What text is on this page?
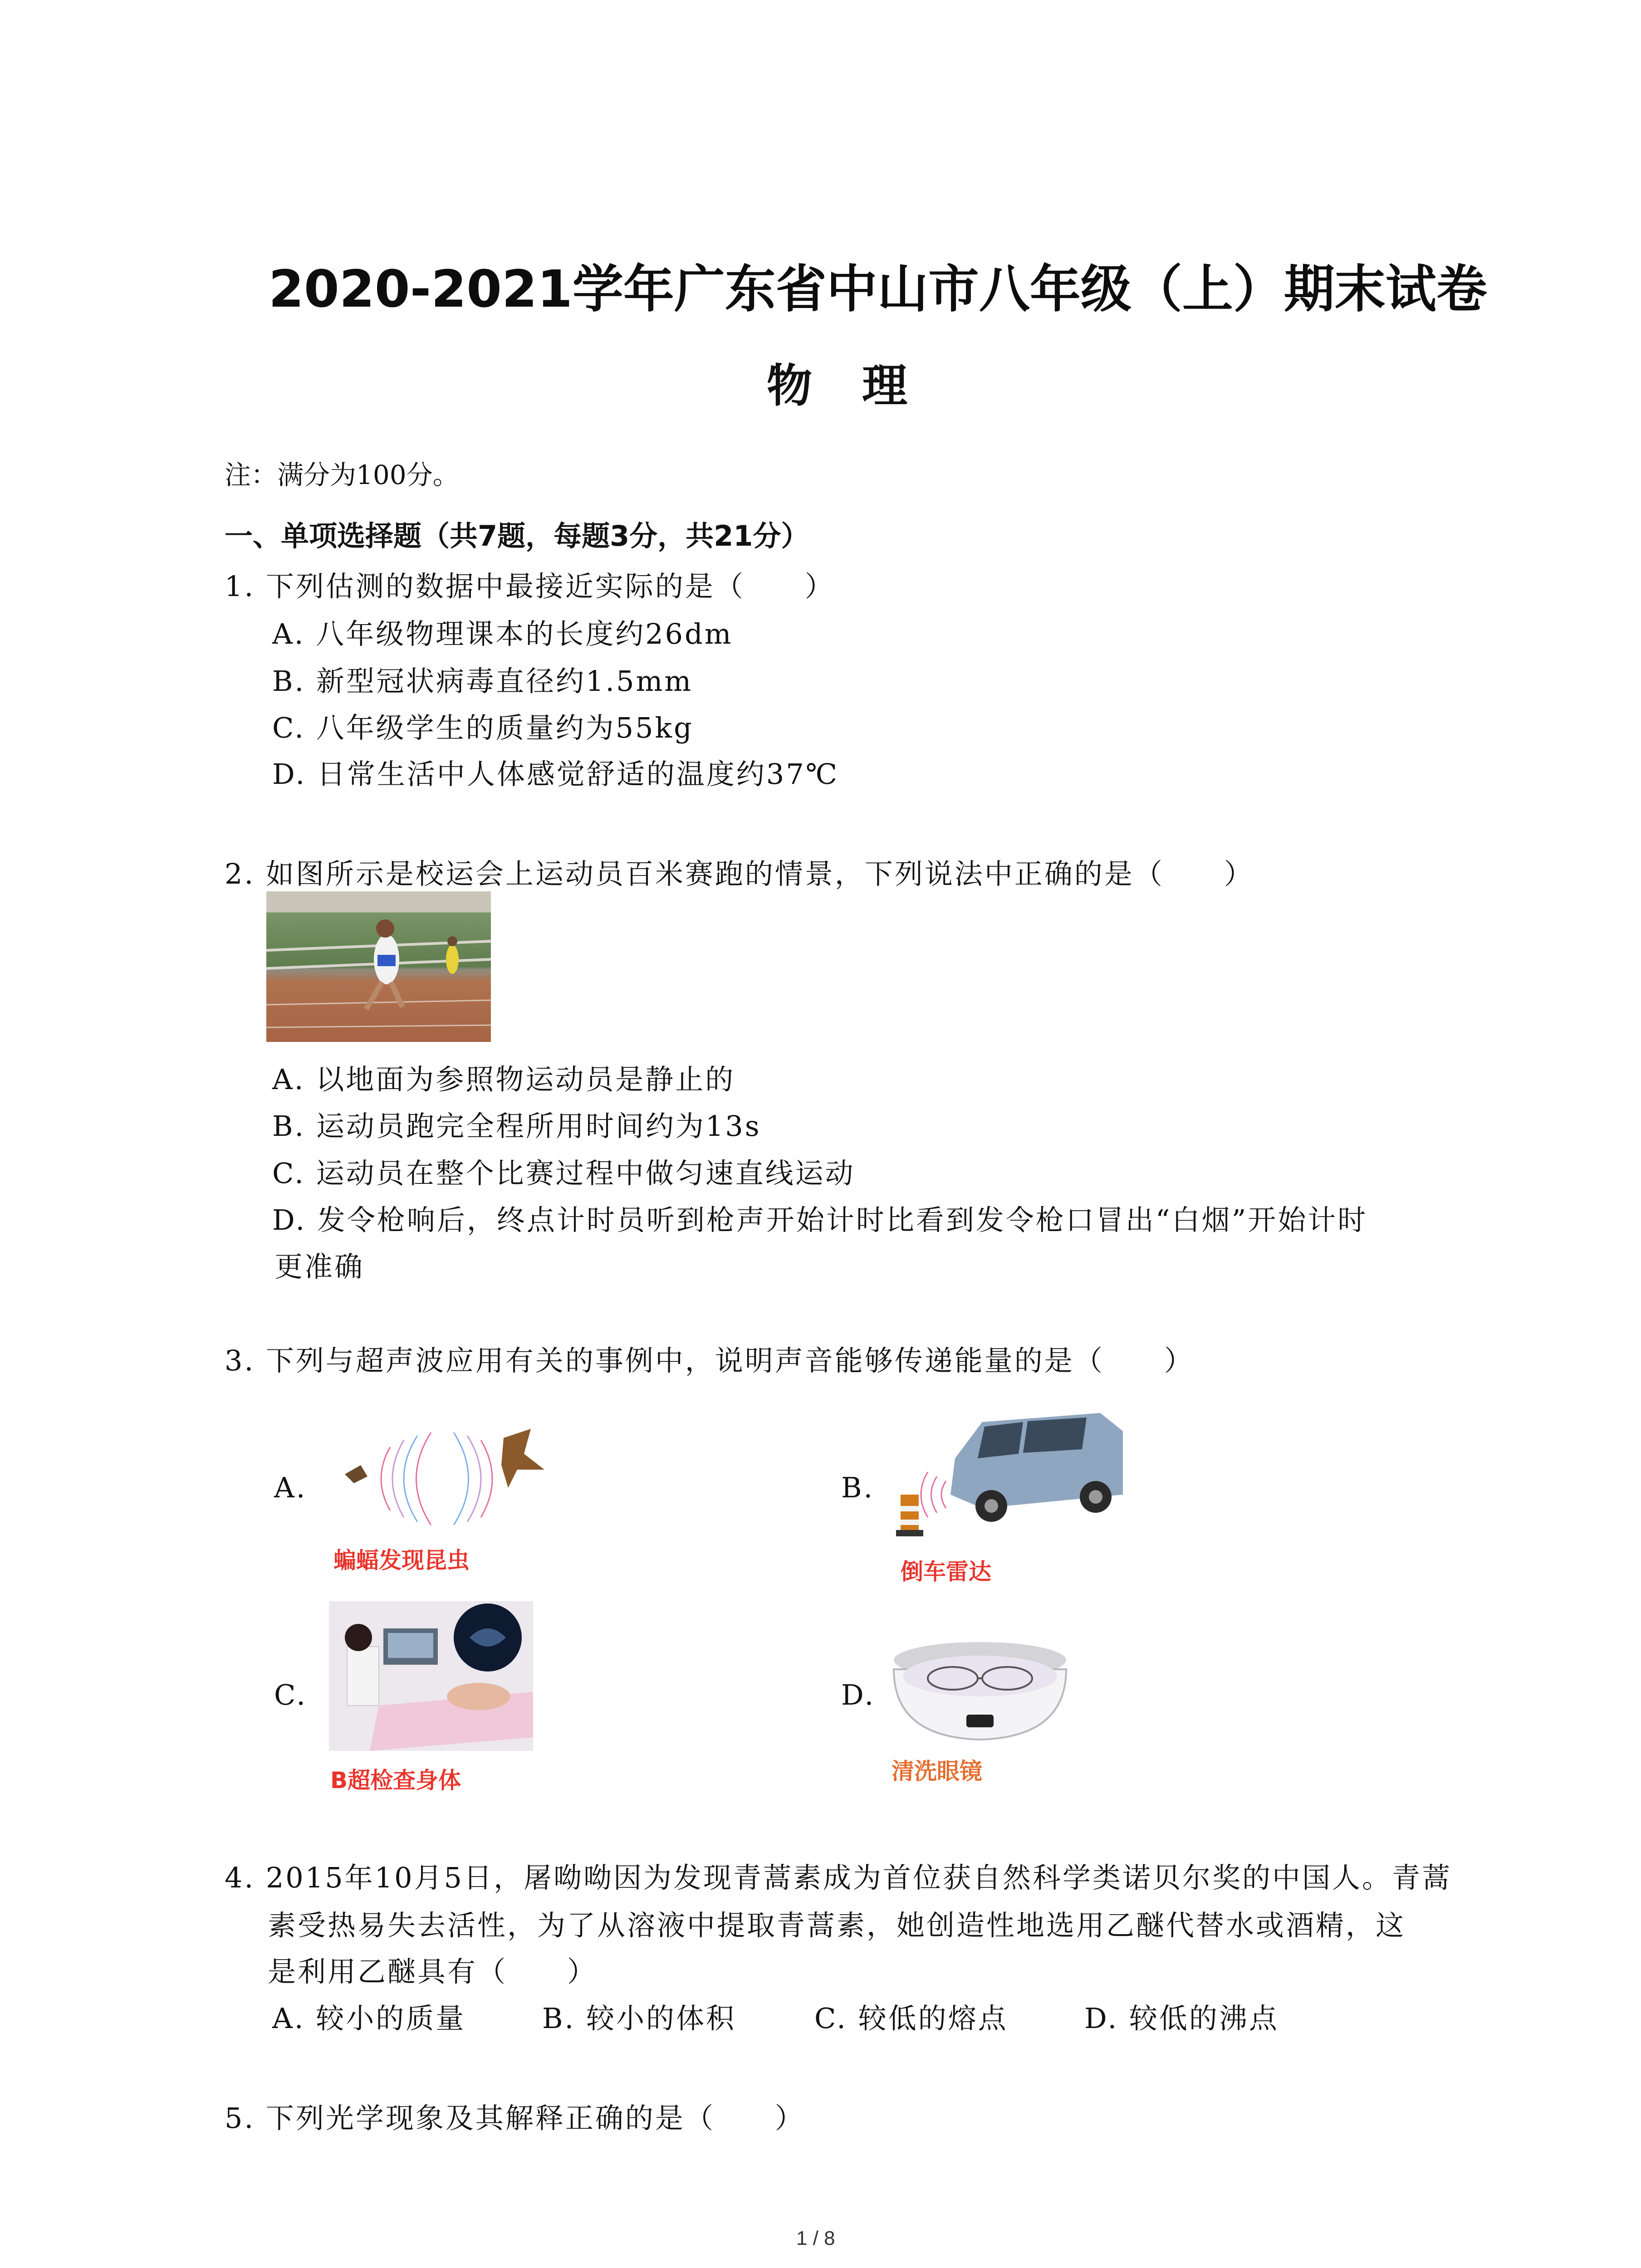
2020-2021学年广东省中山市八年级（上）期末试卷
物理
注：满分为100分。
一、单项选择题（共7题，每题3分，共21分）
1. 下列估测的数据中最接近实际的是（　　）
A. 八年级物理课本的长度约26dm
B. 新型冠状病毒直径约1.5mm
C. 八年级学生的质量约为55kg
D. 日常生活中人体感觉舒适的温度约37℃
2. 如图所示是校运会上运动员百米赛跑的情景，下列说法中正确的是（　　）
A. 以地面为参照物运动员是静止的
B. 运动员跑完全程所用时间约为13s
C. 运动员在整个比赛过程中做匀速直线运动
D. 发令枪响后，终点计时员听到枪声开始计时比看到发令枪口冒出“白烟”开始计时
更准确
3. 下列与超声波应用有关的事例中，说明声音能够传递能量的是（　　）
A.
蝙蝠发现昆虫
B.
倒车雷达
C.
B超检查身体
D.
清洗眼镜
4. 2015年10月5日，屠呦呦因为发现青蒿素成为首位获自然科学类诺贝尔奖的中国人。青蒿
素受热易失去活性，为了从溶液中提取青蒿素，她创造性地选用乙醚代替水或酒精，这
是利用乙醚具有（　　）
A. 较小的质量	B. 较小的体积	C. 较低的熔点	D. 较低的沸点
5. 下列光学现象及其解释正确的是（　　）
1 / 8
